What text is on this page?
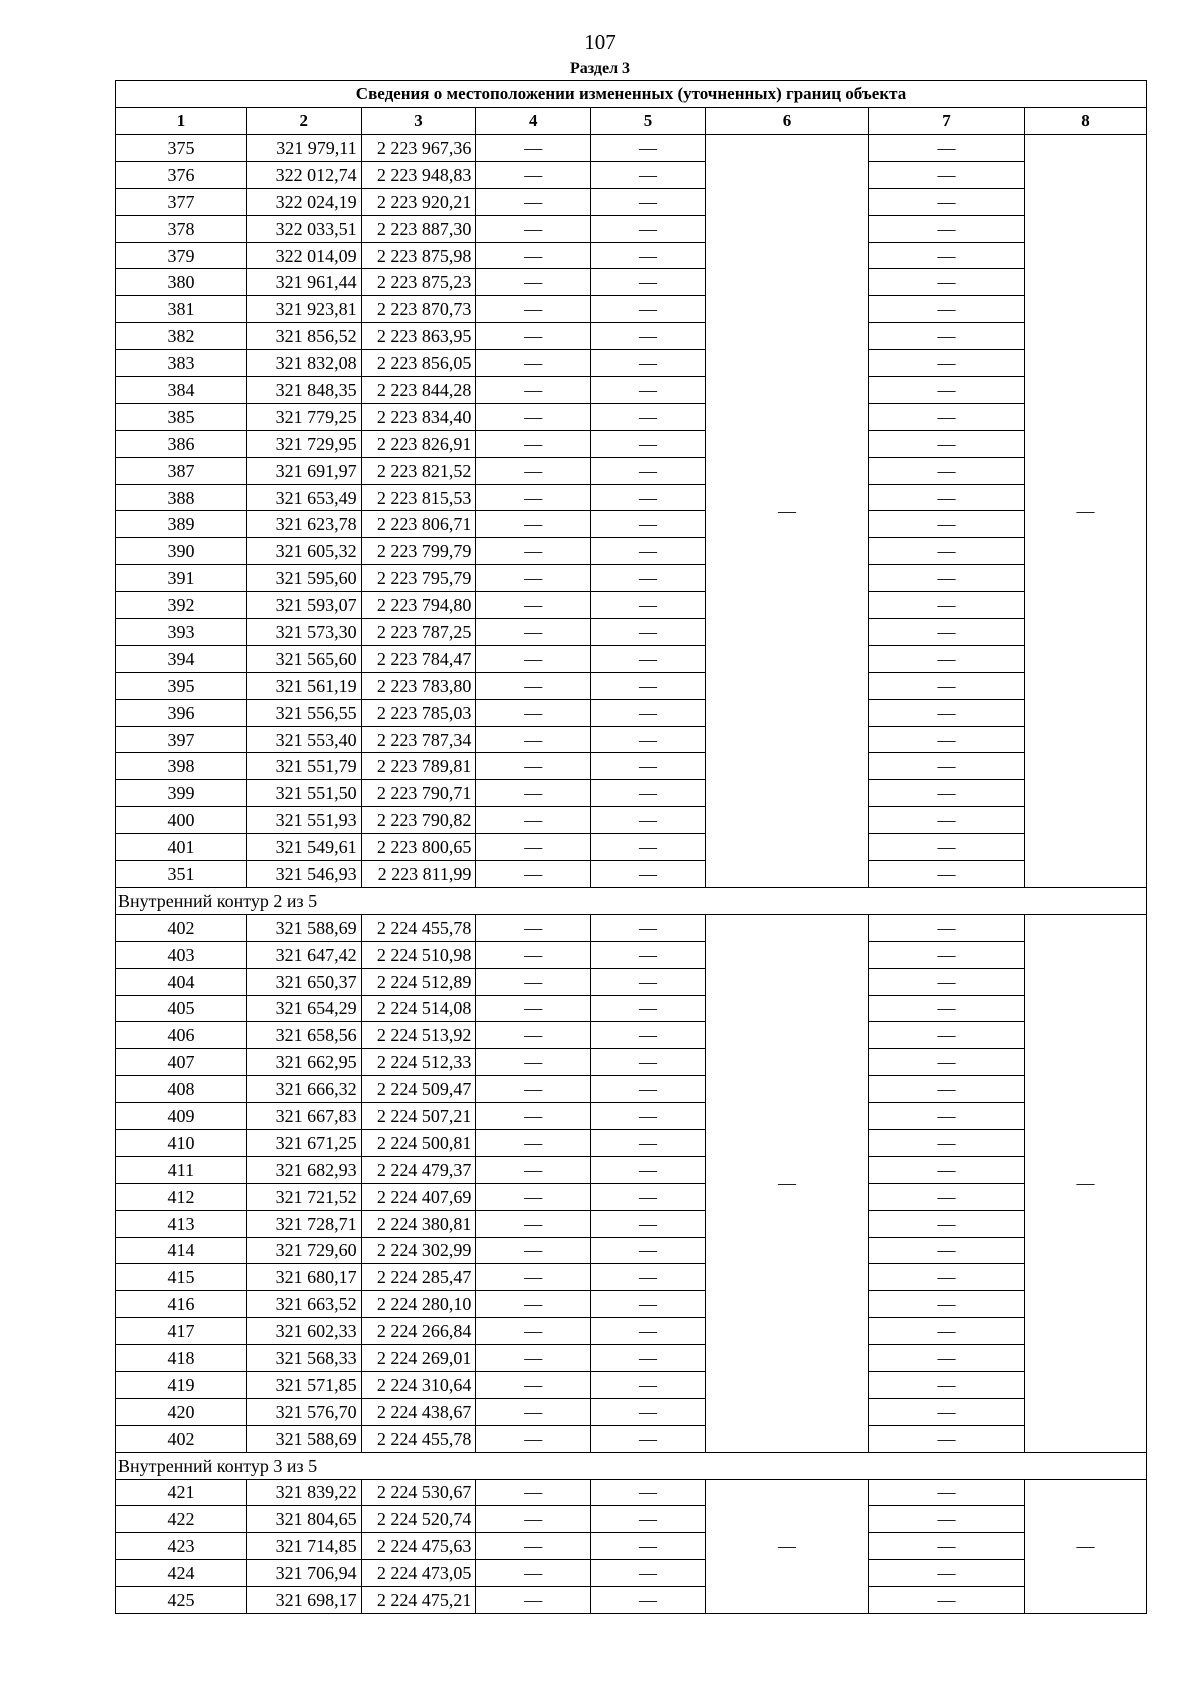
107
Раздел 3
Сведения о местоположении измененных (уточненных) границ объекта							
1	2	3	4	5	6	7	8
375	321 979,11	2 223 967,36	—	—	—	—	—
376	322 012,74	2 223 948,83	—	—		—	
377	322 024,19	2 223 920,21	—	—		—	
378	322 033,51	2 223 887,30	—	—		—	
379	322 014,09	2 223 875,98	—	—		—	
380	321 961,44	2 223 875,23	—	—		—	
381	321 923,81	2 223 870,73	—	—		—	
382	321 856,52	2 223 863,95	—	—		—	
383	321 832,08	2 223 856,05	—	—		—	
384	321 848,35	2 223 844,28	—	—		—	
385	321 779,25	2 223 834,40	—	—		—	
386	321 729,95	2 223 826,91	—	—		—	
387	321 691,97	2 223 821,52	—	—		—	
388	321 653,49	2 223 815,53	—	—		—	
389	321 623,78	2 223 806,71	—	—		—	
390	321 605,32	2 223 799,79	—	—		—	
391	321 595,60	2 223 795,79	—	—		—	
392	321 593,07	2 223 794,80	—	—		—	
393	321 573,30	2 223 787,25	—	—		—	
394	321 565,60	2 223 784,47	—	—		—	
395	321 561,19	2 223 783,80	—	—		—	
396	321 556,55	2 223 785,03	—	—		—	
397	321 553,40	2 223 787,34	—	—		—	
398	321 551,79	2 223 789,81	—	—		—	
399	321 551,50	2 223 790,71	—	—		—	
400	321 551,93	2 223 790,82	—	—		—	
401	321 549,61	2 223 800,65	—	—		—	
351	321 546,93	2 223 811,99	—	—		—	
Внутренний контур 2 из 5							
402	321 588,69	2 224 455,78	—	—	—	—	—
403	321 647,42	2 224 510,98	—	—		—	
404	321 650,37	2 224 512,89	—	—		—	
405	321 654,29	2 224 514,08	—	—		—	
406	321 658,56	2 224 513,92	—	—		—	
407	321 662,95	2 224 512,33	—	—		—	
408	321 666,32	2 224 509,47	—	—		—	
409	321 667,83	2 224 507,21	—	—		—	
410	321 671,25	2 224 500,81	—	—		—	
411	321 682,93	2 224 479,37	—	—		—	
412	321 721,52	2 224 407,69	—	—		—	
413	321 728,71	2 224 380,81	—	—		—	
414	321 729,60	2 224 302,99	—	—		—	
415	321 680,17	2 224 285,47	—	—		—	
416	321 663,52	2 224 280,10	—	—		—	
417	321 602,33	2 224 266,84	—	—		—	
418	321 568,33	2 224 269,01	—	—		—	
419	321 571,85	2 224 310,64	—	—		—	
420	321 576,70	2 224 438,67	—	—		—	
402	321 588,69	2 224 455,78	—	—		—	
Внутренний контур 3 из 5							
421	321 839,22	2 224 530,67	—	—	—	—	—
422	321 804,65	2 224 520,74	—	—		—	
423	321 714,85	2 224 475,63	—	—		—	
424	321 706,94	2 224 473,05	—	—		—	
425	321 698,17	2 224 475,21	—	—		—	
